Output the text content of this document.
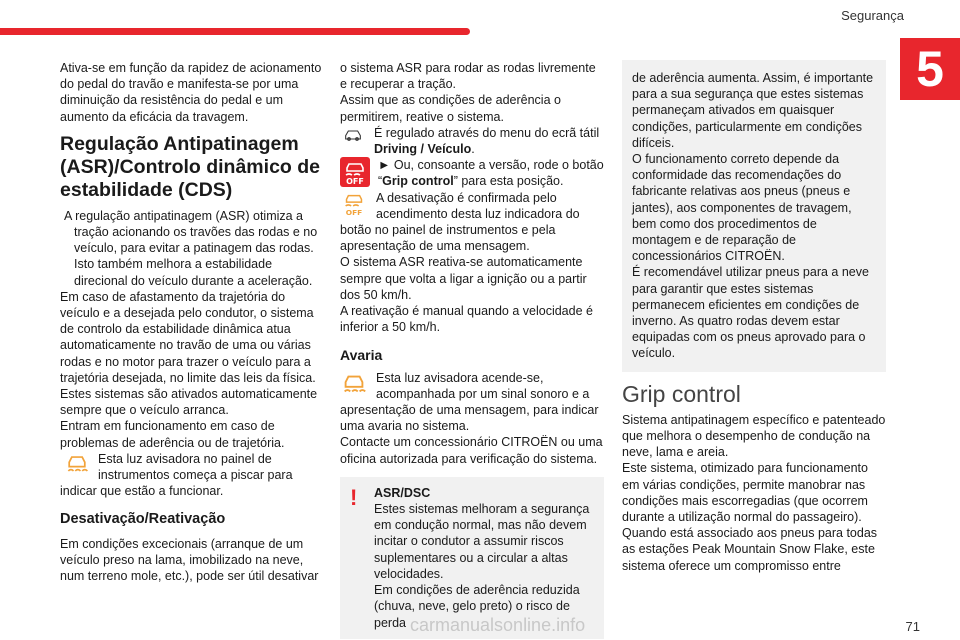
Segurança
5

Ativa-se em função da rapidez de acionamento do pedal do travão e manifesta-se por uma diminuição da resistência do pedal e um aumento da eficácia da travagem.

Regulação Antipatinagem (ASR)/Controlo dinâmico de estabilidade (CDS)

A regulação antipatinagem (ASR) otimiza a tração acionando os travões das rodas e no veículo, para evitar a patinagem das rodas. Isto também melhora a estabilidade direcional do veículo durante a aceleração.

Em caso de afastamento da trajetória do veículo e a desejada pelo condutor, o sistema de controlo da estabilidade dinâmica atua automaticamente no travão de uma ou várias rodas e no motor para trazer o veículo para a trajetória desejada, no limite das leis da física.

Estes sistemas são ativados automaticamente sempre que o veículo arranca.

Entram em funcionamento em caso de problemas de aderência ou de trajetória.

Esta luz avisadora no painel de instrumentos começa a piscar para indicar que estão a funcionar.
Desativação/Reativação

Em condições excecionais (arranque de um veículo preso na lama, imobilizado na neve, num terreno mole, etc.), pode ser útil desativar

o sistema ASR para rodar as rodas livremente e recuperar a tração.

Assim que as condições de aderência o permitirem, reative o sistema.

É regulado através do menu do ecrã tátil Driving / Veículo.
OFF
► Ou, consoante a versão, rode o botão “Grip control” para esta posição.
OFF
A desativação é confirmada pelo acendimento desta luz indicadora do botão no painel de instrumentos e pela apresentação de uma mensagem.

O sistema ASR reativa-se automaticamente sempre que volta a ligar a ignição ou a partir dos 50 km/h.

A reativação é manual quando a velocidade é inferior a 50 km/h.

Avaria
Esta luz avisadora acende-se, acompanhada por um sinal sonoro e a apresentação de uma mensagem, para indicar uma avaria no sistema.

Contacte um concessionário CITROËN ou uma oficina autorizada para verificação do sistema.

!	ASR/DSC

Estes sistemas melhoram a segurança em condução normal, mas não devem incitar o condutor a assumir riscos suplementares ou a circular a altas velocidades.

Em condições de aderência reduzida (chuva, neve, gelo preto) o risco de perda

de aderência aumenta. Assim, é importante para a sua segurança que estes sistemas permaneçam ativados em quaisquer condições, particularmente em condições difíceis.

O funcionamento correto depende da conformidade das recomendações do fabricante relativas aos pneus (pneus e jantes), aos componentes de travagem, bem como dos procedimentos de montagem e de reparação de concessionários CITROËN.

É recomendável utilizar pneus para a neve para garantir que estes sistemas permanecem eficientes em condições de inverno. As quatro rodas devem estar equipadas com os pneus aprovado para o veículo.

Grip control

Sistema antipatinagem específico e patenteado que melhora o desempenho de condução na neve, lama e areia.

Este sistema, otimizado para funcionamento em várias condições, permite manobrar nas condições mais escorregadias (que ocorrem durante a utilização normal do passageiro).

Quando está associado aos pneus para todas as estações Peak Mountain Snow Flake, este sistema oferece um compromisso entre

carmanualsonline.info	71
